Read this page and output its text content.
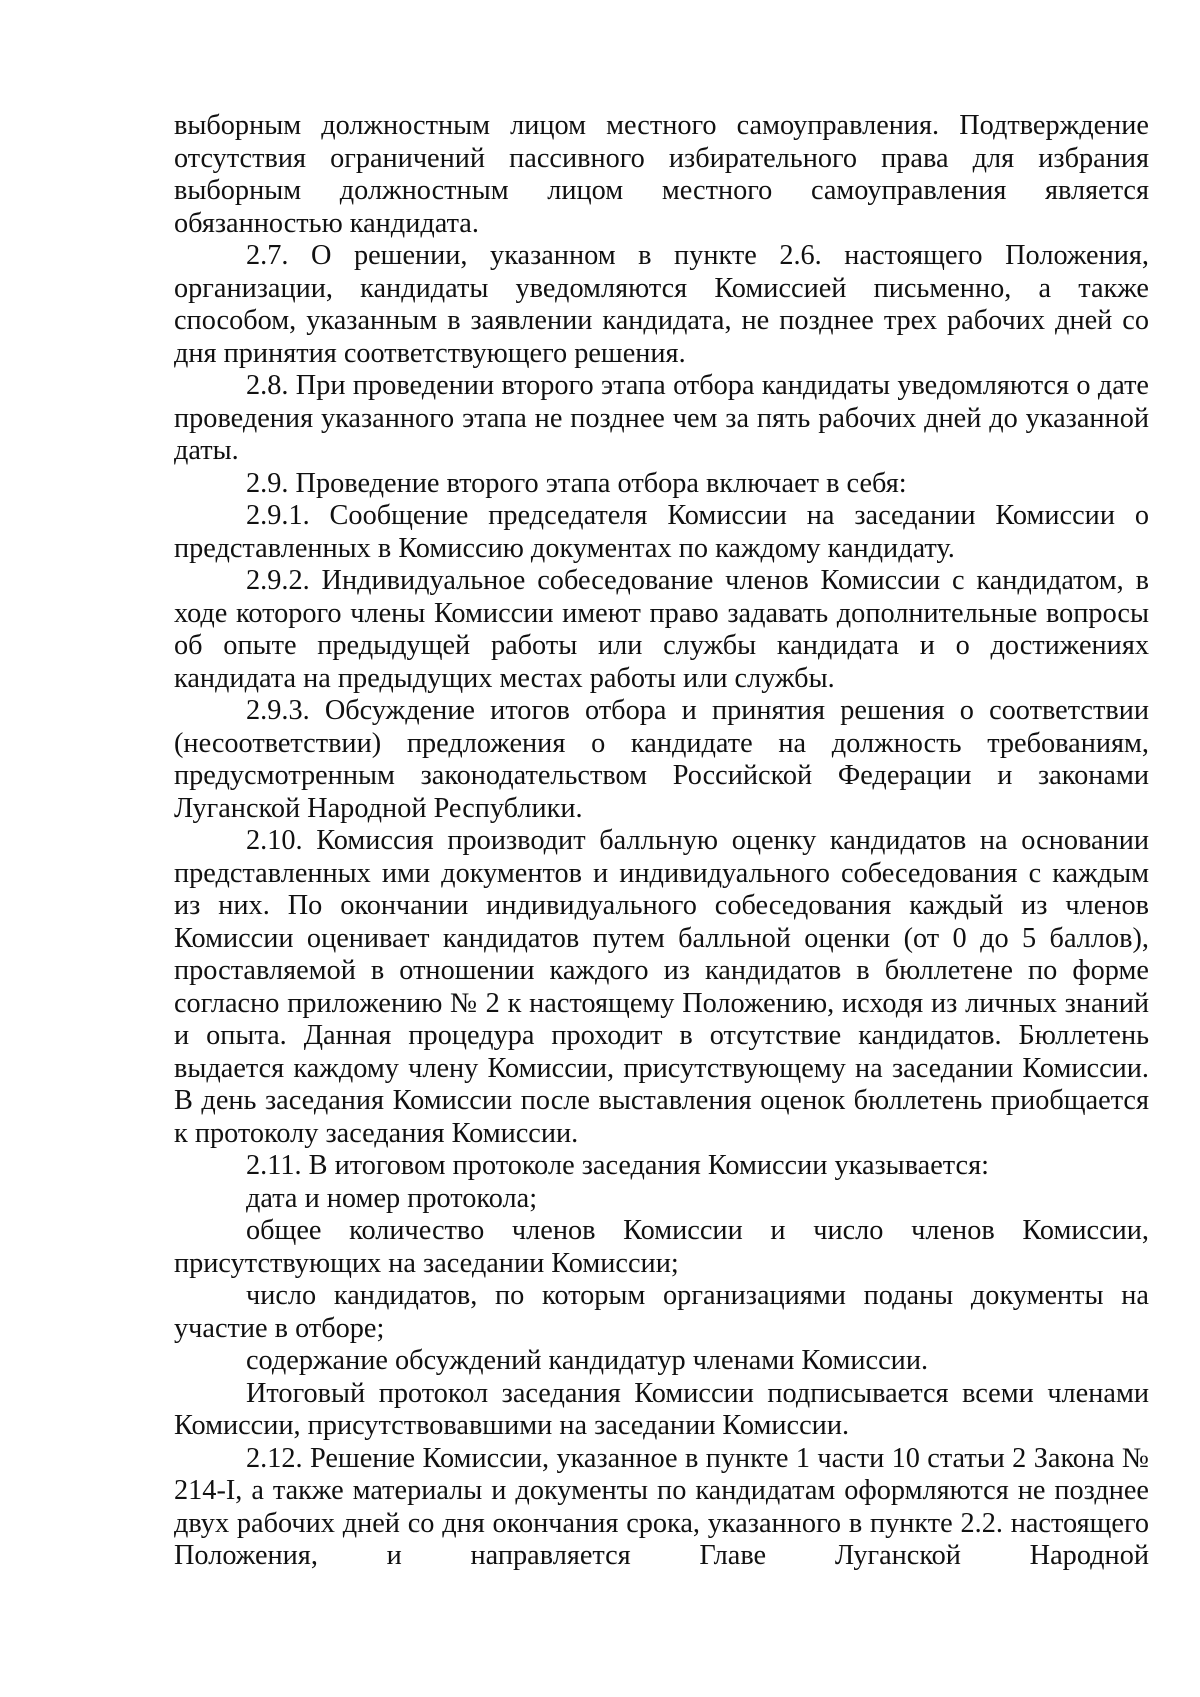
выборным должностным лицом местного самоуправления. Подтверждение отсутствия ограничений пассивного избирательного права для избрания выборным должностным лицом местного самоуправления является обязанностью кандидата.

2.7. О решении, указанном в пункте 2.6. настоящего Положения, организации, кандидаты уведомляются Комиссией письменно, а также способом, указанным в заявлении кандидата, не позднее трех рабочих дней со дня принятия соответствующего решения.

2.8. При проведении второго этапа отбора кандидаты уведомляются о дате проведения указанного этапа не позднее чем за пять рабочих дней до указанной даты.

2.9. Проведение второго этапа отбора включает в себя:

2.9.1. Сообщение председателя Комиссии на заседании Комиссии о представленных в Комиссию документах по каждому кандидату.

2.9.2. Индивидуальное собеседование членов Комиссии с кандидатом, в ходе которого члены Комиссии имеют право задавать дополнительные вопросы об опыте предыдущей работы или службы кандидата и о достижениях кандидата на предыдущих местах работы или службы.

2.9.3. Обсуждение итогов отбора и принятия решения о соответствии (несоответствии) предложения о кандидате на должность требованиям, предусмотренным законодательством Российской Федерации и законами Луганской Народной Республики.

2.10. Комиссия производит балльную оценку кандидатов на основании представленных ими документов и индивидуального собеседования с каждым из них. По окончании индивидуального собеседования каждый из членов Комиссии оценивает кандидатов путем балльной оценки (от 0 до 5 баллов), проставляемой в отношении каждого из кандидатов в бюллетене по форме согласно приложению № 2 к настоящему Положению, исходя из личных знаний и опыта. Данная процедура проходит в отсутствие кандидатов. Бюллетень выдается каждому члену Комиссии, присутствующему на заседании Комиссии. В день заседания Комиссии после выставления оценок бюллетень приобщается к протоколу заседания Комиссии.

2.11. В итоговом протоколе заседания Комиссии указывается:

дата и номер протокола;

общее количество членов Комиссии и число членов Комиссии, присутствующих на заседании Комиссии;

число кандидатов, по которым организациями поданы документы на участие в отборе;

содержание обсуждений кандидатур членами Комиссии.

Итоговый протокол заседания Комиссии подписывается всеми членами Комиссии, присутствовавшими на заседании Комиссии.

2.12. Решение Комиссии, указанное в пункте 1 части 10 статьи 2 Закона № 214-I, а также материалы и документы по кандидатам оформляются не позднее двух рабочих дней со дня окончания срока, указанного в пункте 2.2. настоящего Положения, и направляется Главе Луганской Народной
